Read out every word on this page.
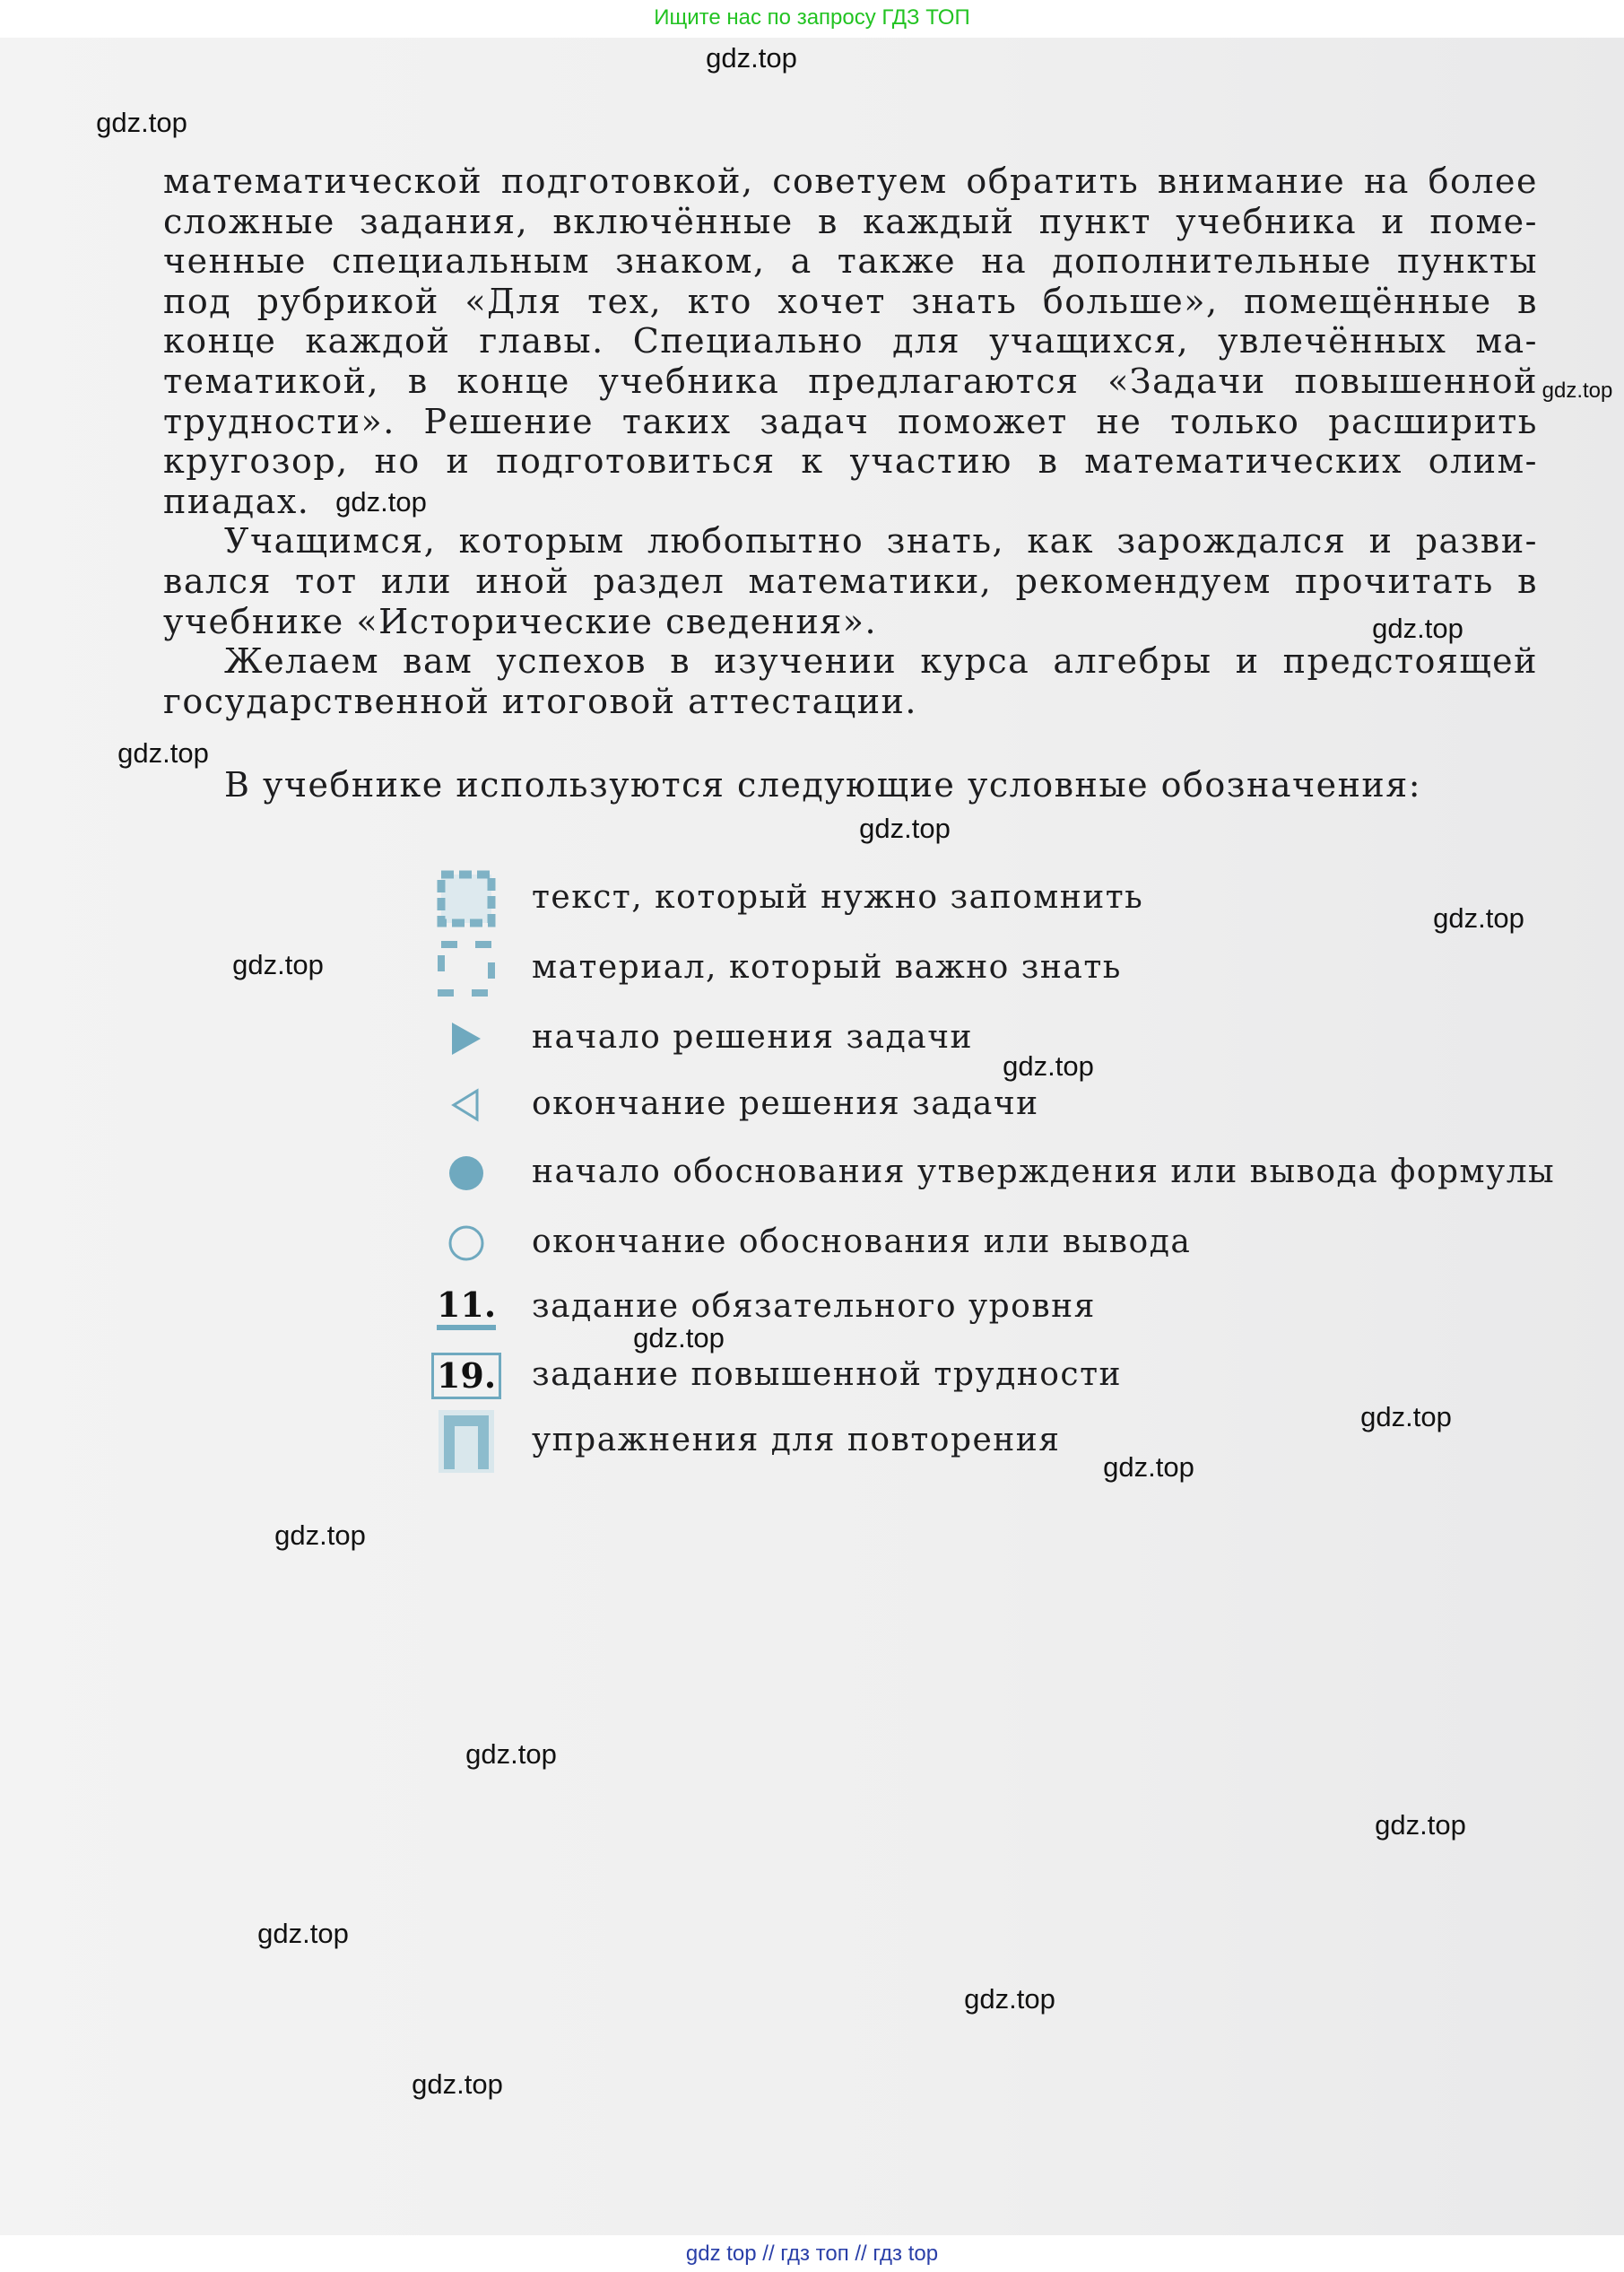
Ищите нас по запросу ГДЗ ТОП
математической подготовкой, советуем обратить внимание на более
сложные задания, включённые в каждый пункт учебника и поме-
ченные специальным знаком, а также на дополнительные пункты
под рубрикой «Для тех, кто хочет знать больше», помещённые в
конце каждой главы. Специально для учащихся, увлечённых ма-
тематикой, в конце учебника предлагаются «Задачи повышенной
трудности». Решение таких задач поможет не только расширить
кругозор, но и подготовиться к участию в математических олим-
пиадах.
Учащимся, которым любопытно знать, как зарождался и разви-
вался тот или иной раздел математики, рекомендуем прочитать в
учебнике «Исторические сведения».
Желаем вам успехов в изучении курса алгебры и предстоящей
государственной итоговой аттестации.
В учебнике используются следующие условные обозначения:
текст, который нужно запомнить
материал, который важно знать
начало решения задачи
окончание решения задачи
начало обоснования утверждения или вывода формулы
окончание обоснования или вывода
11. задание обязательного уровня
19. задание повышенной трудности
упражнения для повторения
gdz.top
gdz.top
gdz.top
gdz.top
gdz.top
gdz.top
gdz.top
gdz.top
gdz.top
gdz.top
gdz.top
gdz.top
gdz.top
gdz.top
gdz.top
gdz.top
gdz.top
gdz.top
gdz.top
gdz top // гдз топ // гдз top
